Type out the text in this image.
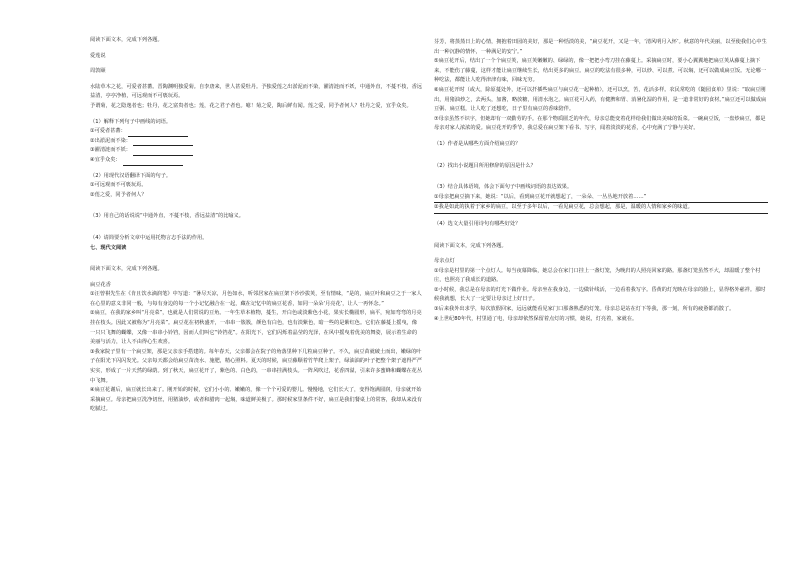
阅读下面文本，完成下列各题。

爱莲说

周敦颐

水陆草木之花，可爱者甚蕃。晋陶渊明独爱菊。自李唐来，世人甚爱牡丹。予独爱莲之出淤泥而不染，濯清涟而不妖，中通外直，不蔓不枝，香远益清，亭亭净植，可远观而不可亵玩焉。

予谓菊，花之隐逸者也；牡丹，花之富贵者也；莲，花之君子者也。噫！菊之爱，陶后鲜有闻。莲之爱，同予者何人？牡丹之爱，宜乎众矣。

（1）解释下列句子中画线的词语。

①可爱者甚蕃：

②出淤泥而不染：

③濯清涟而不妖：

④宜乎众矣：

（2）用现代汉语翻译下面的句子。

①可远观而不可亵玩焉。

②莲之爱，同予者何人？

（3）用自己的话说说“中通外直，不蔓不枝，香远益清”的比喻义。

（4）请简要分析文章中运用托物言志手法的作用。

七、现代文阅读

阅读下面文本，完成下列各题。

扁豆花香

①汪曾祺先生在《肯且饮水滴润笔》中写道：“暑尽天凉，月色如水，听邻居家在扁豆架下沙沙拔荚，至有情味，“是的，扁豆叶和扁豆之于一家人在心里的意义非同一般，与每有身边的每一个小记忆融合在一起，藏在记忆中的扁豆花香，如同一朵朵‘月亮花’，让人一再怀念。”

②扁豆，在我的家乡叫“月亮菜”，也就是人们常说的豆角。一年生草本植物，蔓生，开白色或淡紫色小花，果实长椭圆形，扁平，宛如弯弯的月亮挂在枝头。因此又被称为“月亮菜”。扁豆花在初秋盛开，一串串一簇簇，颜色有白色，也有淡紫色，暗一些的是紫红色。它们在藤蔓上摇曳，像一只只飞舞的蝴蝶，又像一串串小铃铛，因而人们叫它“铃铛花”。在阳光下，它们闪烁着晶莹的光泽，在风中摇曳着优美的舞姿，展示着生命的美丽与活力，让人不由得心生欢喜。

③我家院子里有一个扁豆架，那是父亲亲手搭建的。每年春天，父亲都会在院子的角落里种下几粒扁豆种子。不久，扁豆苗就破土而出，嫩绿的叶子在阳光下闪闪发光。父亲每天都会给扁豆苗浇水、施肥，精心照料。夏天的时候，扁豆藤顺着竹竿爬上架子，绿油油的叶子把整个架子遮得严严实实，形成了一片天然的绿荫。到了秋天，扁豆花开了，紫色的、白色的，一串串挂满枝头。一阵风吹过，花香四溢，引来许多蜜蜂和蝴蝶在花丛中飞舞。

④扁豆花谢后，扁豆就长出来了。刚开始的时候，它们小小的、嫩嫩的，像一个个可爱的婴儿。慢慢地，它们长大了，变得饱满圆润，母亲就开始采摘扁豆。母亲把扁豆洗净切丝，用猪油炒，或者和腊肉一起焖，味道鲜美极了。那时候家里条件不好，扁豆是我们餐桌上的常客，我却从来没有吃腻过。

芬芳，将蒸蒸日上的心情，拥抱着田园的美好，那是一种恬淡的美，“扁豆花开，又是一年，‘清风明月入怀’。秋意的年代美丽，以至使我们心中生出一种沉静的情怀，一种满足的安宁。”

⑤扁豆花开后，结出了一个个扁豆荚，扁豆荚嫩嫩的、绿绿的，像一把把小弯刀挂在藤蔓上。采摘扁豆时，要小心翼翼地把扁豆荚从藤蔓上摘下来，不能伤了藤蔓，这样才能让扁豆继续生长，结出更多的扁豆。扁豆的吃法有很多种，可以炒、可以煮、可以焖，还可以做成扁豆饭。无论哪一种吃法，都能让人吃得津津有味，回味无穷。

⑥扁豆花开时（或大，除原蔓处外，还可以扦插些扁豆与扁豆花一起种植），还可以烹，苦，花活多样。农民常吃的《随园食单》里说：“取扁豆刚出，用猪油炒之，去两头，加酱，略放糖，用清水泡之。扁豆花可入药，有健脾和胃、消暑化湿的作用，是一道非常好的食材。”扁豆还可以做成扁豆粥、扁豆糕，让人吃了还想吃，日子里有扁豆的香味陪伴。

⑦母亲虽然不识字，但她却有一双勤劳的手。在那个物质匮乏的年代，母亲总能变着花样给我们做出美味的饭菜。一碗扁豆饭，一盘炒扁豆，都是母亲对家人浓浓的爱。扁豆花开的季节，我总爱在扁豆架下看书、写字，闻着淡淡的花香，心中充满了宁静与美好。

（1）作者是从哪些方面介绍扁豆的？

（2）找出小说题目所用修辞的原因是什么？

（3）结合具体语境，体会下面句子中画线词语的表达效果。

①母亲把扁豆摘下来，她说：“以后，看到扁豆花开就想起了，一朵朵、一丛丛地开放着……”

②我是如此的执着于家乡的扁豆，以至于多年以后，一看见扁豆花，总会想起，那是，温暖的人情和家乡的味道。

（4）选文大量引用诗句有哪些好处？

阅读下面文本，完成下列各题。

母亲点灯

①母亲是村里的第一个点灯人。每当夜幕降临，她总会在家门口挂上一盏灯笼，为晚归的人照亮回家的路。那盏灯笼虽然不大，却温暖了整个村庄，也照亮了我成长的道路。

②小时候，我总是在母亲的灯光下做作业。母亲坐在我身边，一边做针线活，一边看着我写字。昏黄的灯光映在母亲的脸上，显得格外慈祥。那时候我就想，长大了一定要让母亲过上好日子。

③后来我外出求学，每次放假回家，远远就能看见家门口那盏熟悉的灯笼。母亲总是站在灯下等我，那一刻，所有的疲惫都消散了。

④上世纪80年代，村里通了电，母亲却依然保留着点灯的习惯，她说，灯亮着，家就在。
